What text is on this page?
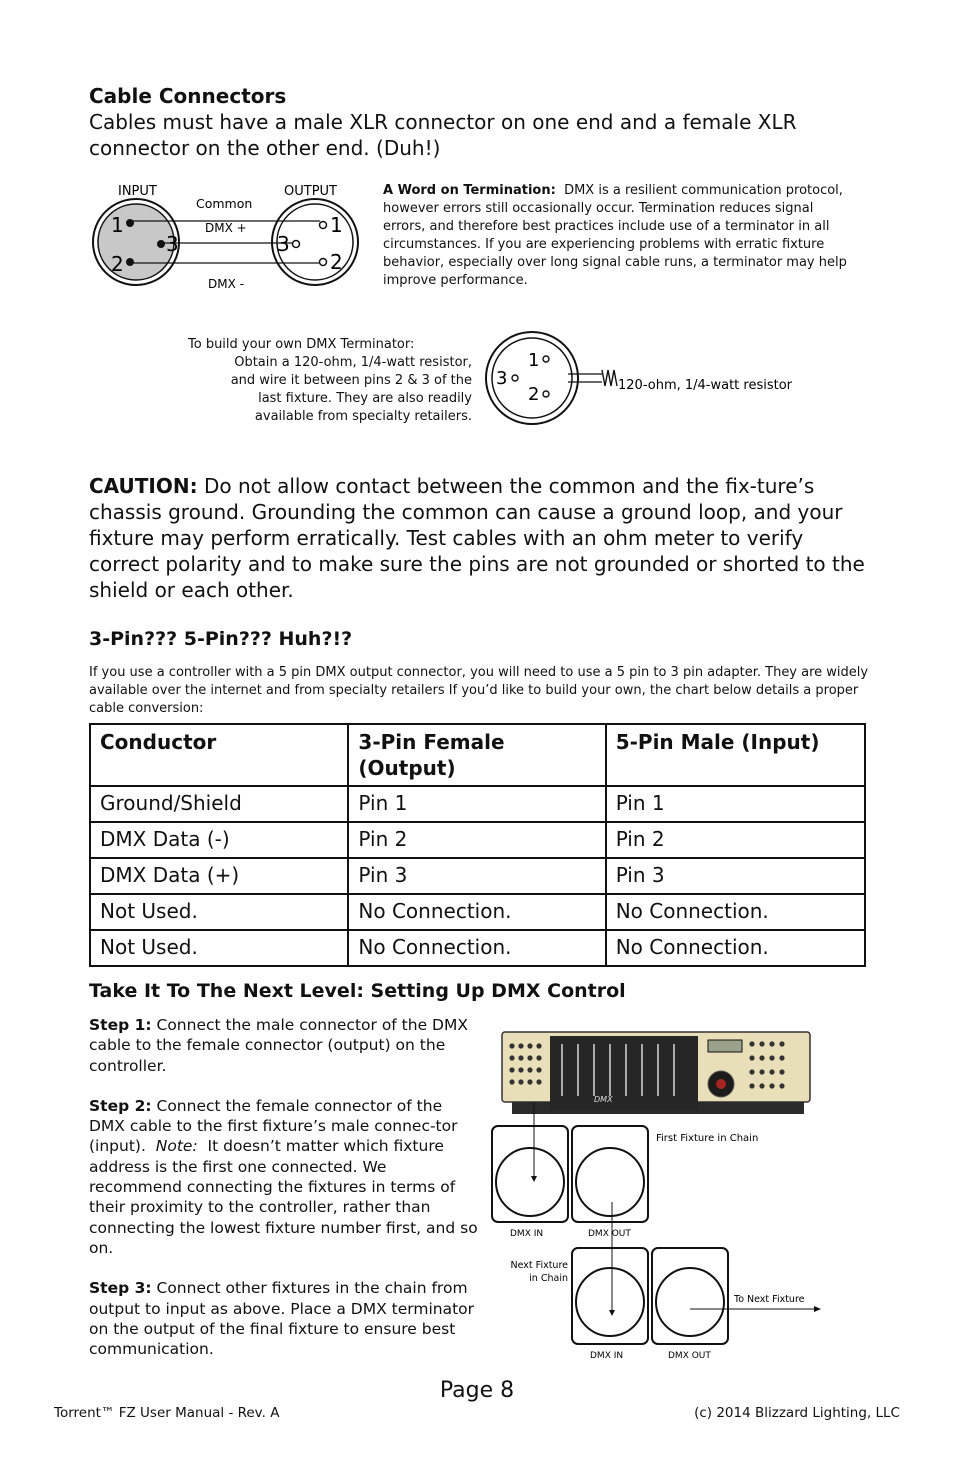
Cable Connectors
Cables must have a male XLR connector on one end and a female XLR connector on the other end. (Duh!)
INPUT	OUTPUT
Common
DMX +
DMX -
1
2
3
1
2
3
A Word on Termination: DMX is a resilient communication protocol, however errors still occasionally occur. Termination reduces signal errors, and therefore best practices include use of a terminator in all circumstances. If you are experiencing problems with erratic fixture behavior, especially over long signal cable runs, a terminator may help improve performance.
To build your own DMX Terminator:
Obtain a 120-ohm, 1/4-watt resistor,
and wire it between pins 2 & 3 of the
last fixture. They are also readily
available from specialty retailers.
1
2
3	120-ohm, 1/4-watt resistor
CAUTION: Do not allow contact between the common and the fix-ture’s chassis ground. Grounding the common can cause a ground loop, and your fixture may perform erratically. Test cables with an ohm meter to verify correct polarity and to make sure the pins are not grounded or shorted to the shield or each other.
3-Pin??? 5-Pin??? Huh?!?
If you use a controller with a 5 pin DMX output connector, you will need to use a 5 pin to 3 pin adapter. They are widely available over the internet and from specialty retailers If you’d like to build your own, the chart below details a proper cable conversion:
Conductor	3-Pin Female (Output)	5-Pin Male (Input)
Ground/Shield	Pin 1	Pin 1
DMX Data (-)	Pin 2	Pin 2
DMX Data (+)	Pin 3	Pin 3
Not Used.	No Connection.	No Connection.
Not Used.	No Connection.	No Connection.
Take It To The Next Level: Setting Up DMX Control

Step 1: Connect the male connector of the DMX cable to the female connector (output) on the controller.

Step 2: Connect the female connector of the DMX cable to the first fixture’s male connec-tor (input). Note: It doesn’t matter which fixture address is the first one connected. We recommend connecting the fixtures in terms of their proximity to the controller, rather than connecting the lowest fixture number first, and so on.

Step 3: Connect other fixtures in the chain from output to input as above. Place a DMX terminator on the output of the final fixture to ensure best communication.

DMX
First Fixture in Chain
DMX IN	DMX OUT
Next Fixture
in Chain
DMX IN	DMX OUT
To Next Fixture
Page 8
Torrent™ FZ User Manual - Rev. A	(c) 2014 Blizzard Lighting, LLC
